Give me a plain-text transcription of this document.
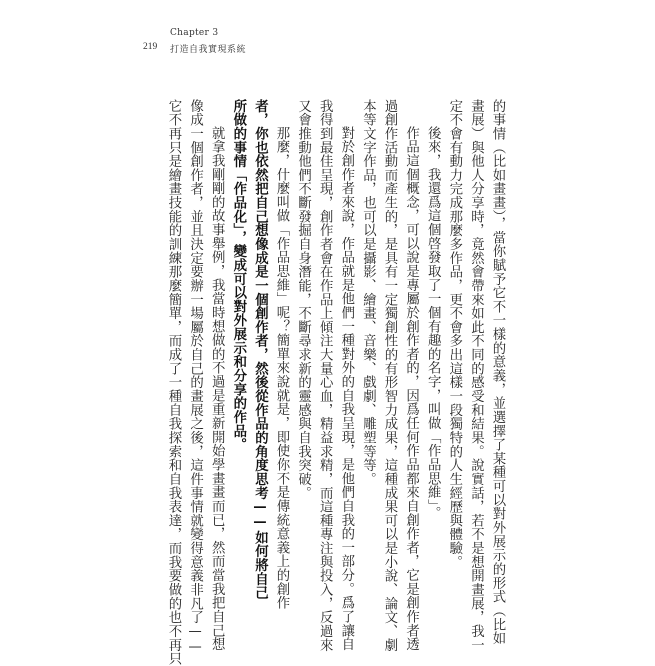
Chapter 3
219 打造自我實現系統
的事情（比如畫畫），當你賦予它不一樣的意義，並選擇了某種可以對外展示的形式（比如
畫展）與他人分享時，竟然會帶來如此不同的感受和結果。說實話，若不是想開畫展，我一
定不會有動力完成那麼多作品，更不會多出這樣一段獨特的人生經歷與體驗。
後來，我還爲這個啓發取了一個有趣的名字，叫做「作品思維」。
作品這個概念，可以說是專屬於創作者的，因爲任何作品都來自創作者，它是創作者透
過創作活動而產生的，是具有一定獨創性的有形智力成果，這種成果可以是小說、論文、劇
本等文字作品，也可以是攝影、繪畫、音樂、戲劇、雕塑等等。
對於創作者來說，作品就是他們一種對外的自我呈現，是他們自我的一部分。爲了讓自
我得到最佳呈現，創作者會在作品上傾注大量心血，精益求精，而這種專注與投入，反過來
又會推動他們不斷發掘自身潛能，不斷尋求新的靈感與自我突破。
那麼，什麼叫做「作品思維」呢？簡單來說就是，即使你不是傳統意義上的創作
者，你也依然把自己想像成是一個創作者，然後從作品的角度思考——如何將自己
所做的事情「作品化」，變成可以對外展示和分享的作品。
就拿我剛剛的故事舉例，我當時想做的不過是重新開始學畫畫而已，然而當我把自己想
像成一個創作者，並且決定要辦一場屬於自己的畫展之後，這件事情就變得意義非凡了——
它不再只是繪畫技能的訓練那麼簡單，而成了一種自我探索和自我表達，而我要做的也不再只
